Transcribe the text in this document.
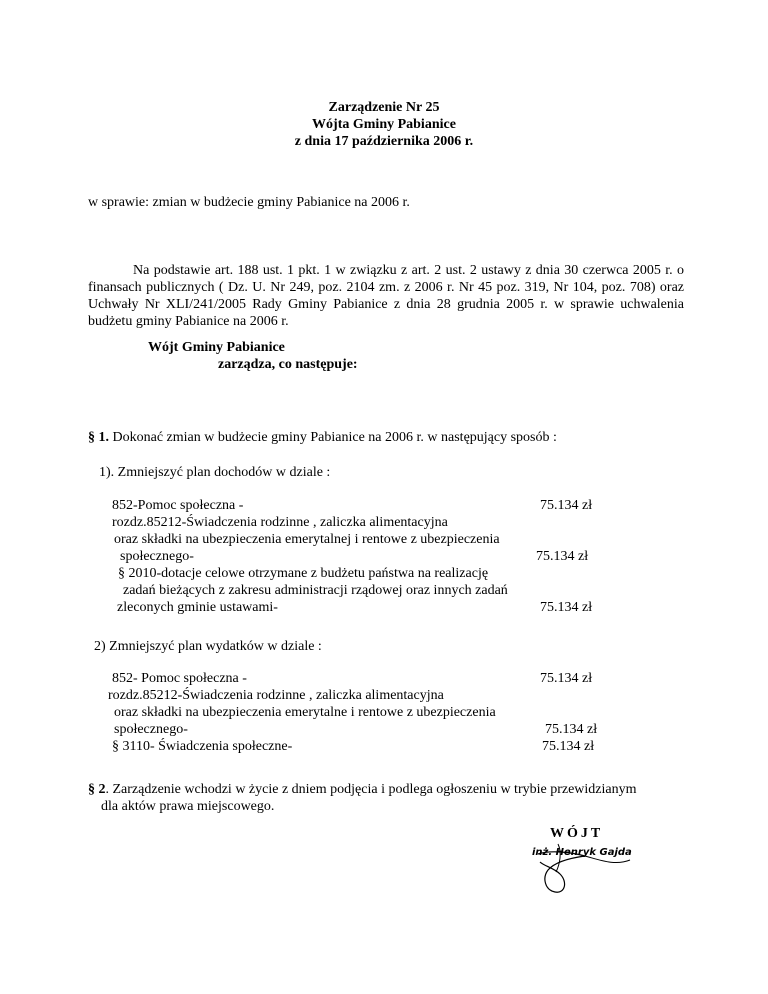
Zarządzenie Nr 25
Wójta Gminy Pabianice
z dnia 17 października 2006 r.
w sprawie: zmian w budżecie gminy Pabianice na 2006 r.
Na podstawie art. 188 ust. 1 pkt. 1 w związku z art. 2 ust. 2 ustawy z dnia 30 czerwca 2005 r. o finansach publicznych ( Dz. U. Nr 249, poz. 2104 zm. z 2006 r. Nr 45 poz. 319, Nr 104, poz. 708) oraz Uchwały Nr XLI/241/2005 Rady Gminy Pabianice z dnia 28 grudnia 2005 r. w sprawie uchwalenia budżetu gminy Pabianice na 2006 r.
Wójt Gminy Pabianice
zarządza, co następuje:
§ 1. Dokonać zmian w budżecie gminy Pabianice na 2006 r. w następujący sposób :
1). Zmniejszyć plan dochodów w dziale :
852-Pomoc społeczna -	75.134 zł
rozdz.85212-Świadczenia rodzinne , zaliczka alimentacyjna
oraz składki na ubezpieczenia emerytalnej i rentowe z ubezpieczenia
społecznego-	75.134 zł
§ 2010-dotacje celowe otrzymane z budżetu państwa na realizację
zadań bieżących z zakresu administracji rządowej oraz innych zadań
zleconych gminie ustawami-	75.134 zł
2) Zmniejszyć plan wydatków w dziale :
852- Pomoc społeczna -	75.134 zł
rozdz.85212-Świadczenia rodzinne , zaliczka alimentacyjna
oraz składki na ubezpieczenia emerytalne i rentowe z ubezpieczenia
społecznego-	75.134 zł
§ 3110- Świadczenia społeczne-	75.134 zł
§ 2. Zarządzenie wchodzi w życie z dniem podjęcia i podlega ogłoszeniu w trybie przewidzianym
dla aktów prawa miejscowego.
WÓJT
inż. Henryk Gajda
